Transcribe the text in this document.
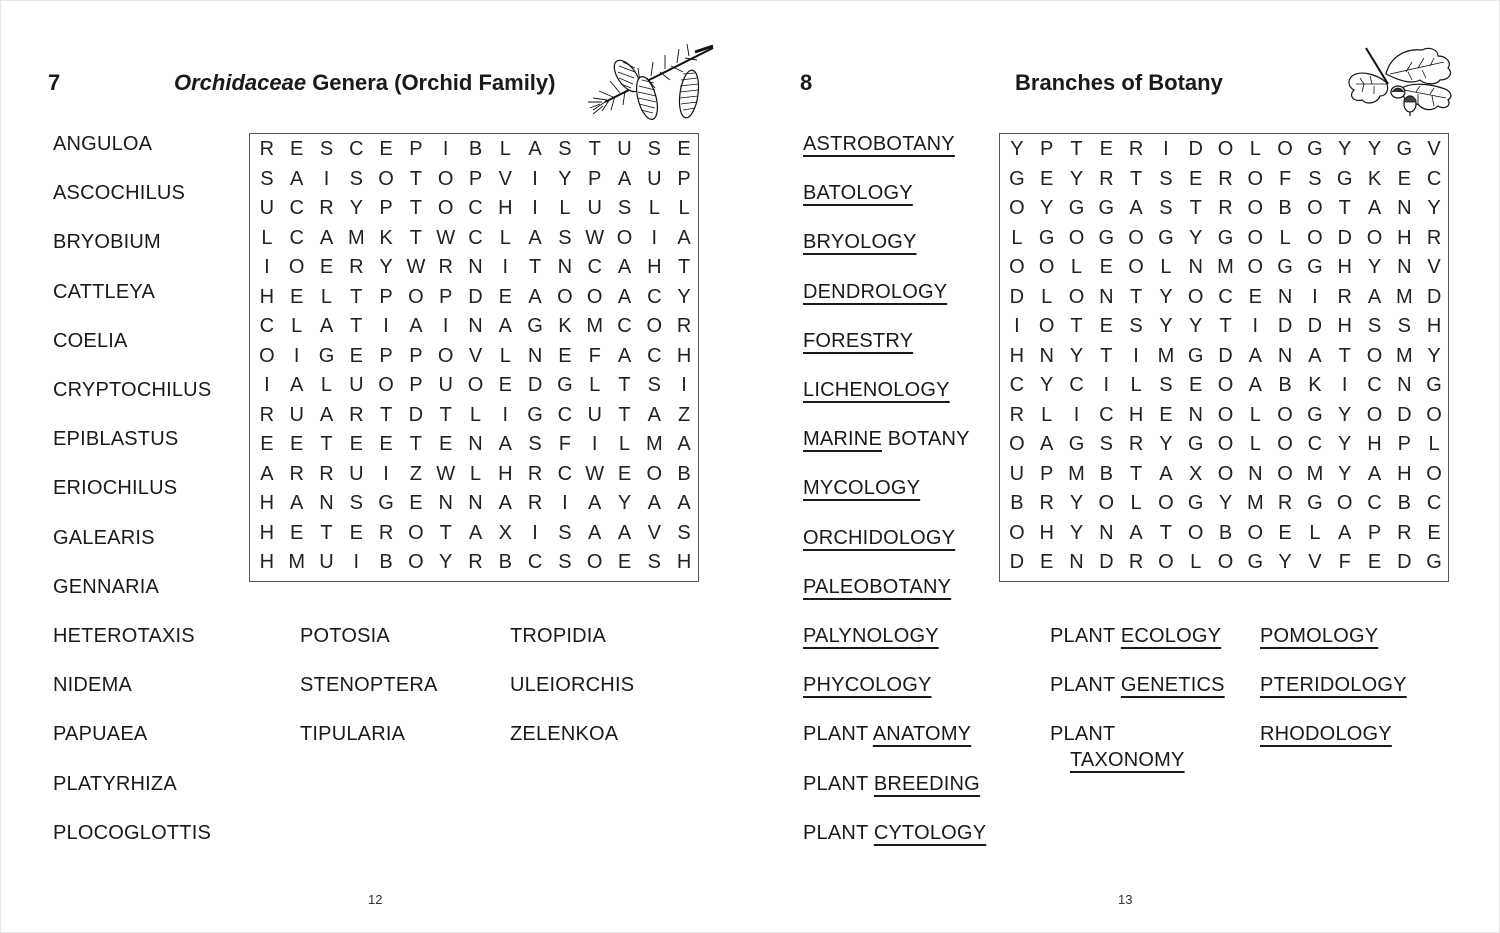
7	Orchidaceae Genera (Orchid Family)
ANGULOA
ASCOCHILUS
BRYOBIUM
CATTLEYA
COELIA
CRYPTOCHILUS
EPIBLASTUS
ERIOCHILUS
GALEARIS
GENNARIA
HETEROTAXIS
NIDEMA
PAPUAEA
PLATYRHIZA
PLOCOGLOTTIS
POTOSIA
STENOPTERA
TIPULARIA
TROPIDIA
ULEIORCHIS
ZELENKOA
R E S C E P	I	B L A S T U S E
S A	I	S O T O P V	I	Y P A U P
U C R Y P T O C H I	L U S L L
L C A M K T W C L A S W O I	A
I O E R Y W R N I	T N C A H T
H E L T P O P D E A O O A C Y
C L A T	I	A	I N A G K M C O R
O I G E P P O V L N E F A C H
I	A L U O P U O E D G L T S	I
R U A R T D T L	I G C U T A Z
E E T E E T E N A S F	I	L M A
A R R U I	Z W L H R C W E O B
H A N S G E N N A R I	A Y A A
H E T E R O T A X	I	S A A V S
H M U I	B O Y R B C S O E S H
12
8	Branches of Botany
ASTROBOTANY
BATOLOGY
BRYOLOGY
DENDROLOGY
FORESTRY
LICHENOLOGY
MARINE BOTANY
MYCOLOGY
ORCHIDOLOGY
PALEOBOTANY
PALYNOLOGY
PHYCOLOGY
PLANT ANATOMY
PLANT BREEDING
PLANT CYTOLOGY
PLANT ECOLOGY
PLANT GENETICS
PLANT
TAXONOMY
POMOLOGY
PTERIDOLOGY
RHODOLOGY
Y P T E R I D O L O G Y Y G V
G E Y R T S E R O F S G K E C
O Y G G A S T R O B O T A N Y
L G O G O G Y G O L O D O H R
O O L E O L N M O G G H Y N V
D L O N T Y O C E N I R A M D
I O T E S Y Y T	I D D H S S H
H N Y T	I M G D A N A T O M Y
C Y C I	L S E O A B K	I C N G
R L	I C H E N O L O G Y O D O
O A G S R Y G O L O C Y H P L
U P M B T A X O N O M Y A H O
B R Y O L O G Y M R G O C B C
O H Y N A T O B O E L A P R E
D E N D R O L O G Y V F E D G
13
